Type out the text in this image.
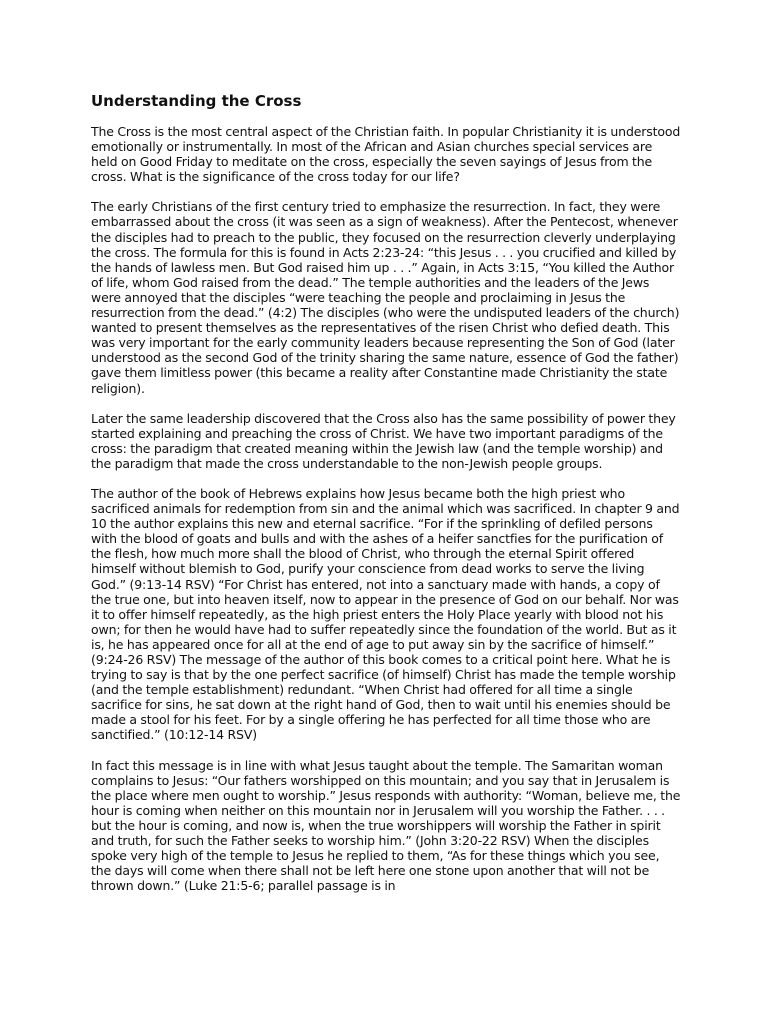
Understanding the Cross

The Cross is the most central aspect of the Christian faith. In popular Christianity it is understood emotionally or instrumentally. In most of the African and Asian churches special services are held on Good Friday to meditate on the cross, especially the seven sayings of Jesus from the cross. What is the significance of the cross today for our life?

The early Christians of the first century tried to emphasize the resurrection. In fact, they were embarrassed about the cross (it was seen as a sign of weakness). After the Pentecost, whenever the disciples had to preach to the public, they focused on the resurrection cleverly underplaying the cross. The formula for this is found in Acts 2:23-24: “this Jesus . . . you crucified and killed by the hands of lawless men. But God raised him up . . .” Again, in Acts 3:15, “You killed the Author of life, whom God raised from the dead.” The temple authorities and the leaders of the Jews were annoyed that the disciples “were teaching the people and proclaiming in Jesus the resurrection from the dead.” (4:2) The disciples (who were the undisputed leaders of the church) wanted to present themselves as the representatives of the risen Christ who defied death. This was very important for the early community leaders because representing the Son of God (later understood as the second God of the trinity sharing the same nature, essence of God the father) gave them limitless power (this became a reality after Constantine made Christianity the state religion).

Later the same leadership discovered that the Cross also has the same possibility of power they started explaining and preaching the cross of Christ. We have two important paradigms of the cross: the paradigm that created meaning within the Jewish law (and the temple worship) and the paradigm that made the cross understandable to the non-Jewish people groups.

The author of the book of Hebrews explains how Jesus became both the high priest who sacrificed animals for redemption from sin and the animal which was sacrificed. In chapter 9 and 10 the author explains this new and eternal sacrifice. “For if the sprinkling of defiled persons with the blood of goats and bulls and with the ashes of a heifer sanctfies for the purification of the flesh, how much more shall the blood of Christ, who through the eternal Spirit offered himself without blemish to God, purify your conscience from dead works to serve the living God.” (9:13-14 RSV) “For Christ has entered, not into a sanctuary made with hands, a copy of the true one, but into heaven itself, now to appear in the presence of God on our behalf. Nor was it to offer himself repeatedly, as the high priest enters the Holy Place yearly with blood not his own; for then he would have had to suffer repeatedly since the foundation of the world. But as it is, he has appeared once for all at the end of age to put away sin by the sacrifice of himself.” (9:24-26 RSV) The message of the author of this book comes to a critical point here. What he is trying to say is that by the one perfect sacrifice (of himself) Christ has made the temple worship (and the temple establishment) redundant. “When Christ had offered for all time a single sacrifice for sins, he sat down at the right hand of God, then to wait until his enemies should be made a stool for his feet. For by a single offering he has perfected for all time those who are sanctified.” (10:12-14 RSV)

In fact this message is in line with what Jesus taught about the temple. The Samaritan woman complains to Jesus: “Our fathers worshipped on this mountain; and you say that in Jerusalem is the place where men ought to worship.” Jesus responds with authority: “Woman, believe me, the hour is coming when neither on this mountain nor in Jerusalem will you worship the Father. . . . but the hour is coming, and now is, when the true worshippers will worship the Father in spirit and truth, for such the Father seeks to worship him.” (John 3:20-22 RSV) When the disciples spoke very high of the temple to Jesus he replied to them, “As for these things which you see, the days will come when there shall not be left here one stone upon another that will not be thrown down.” (Luke 21:5-6; parallel passage is in
